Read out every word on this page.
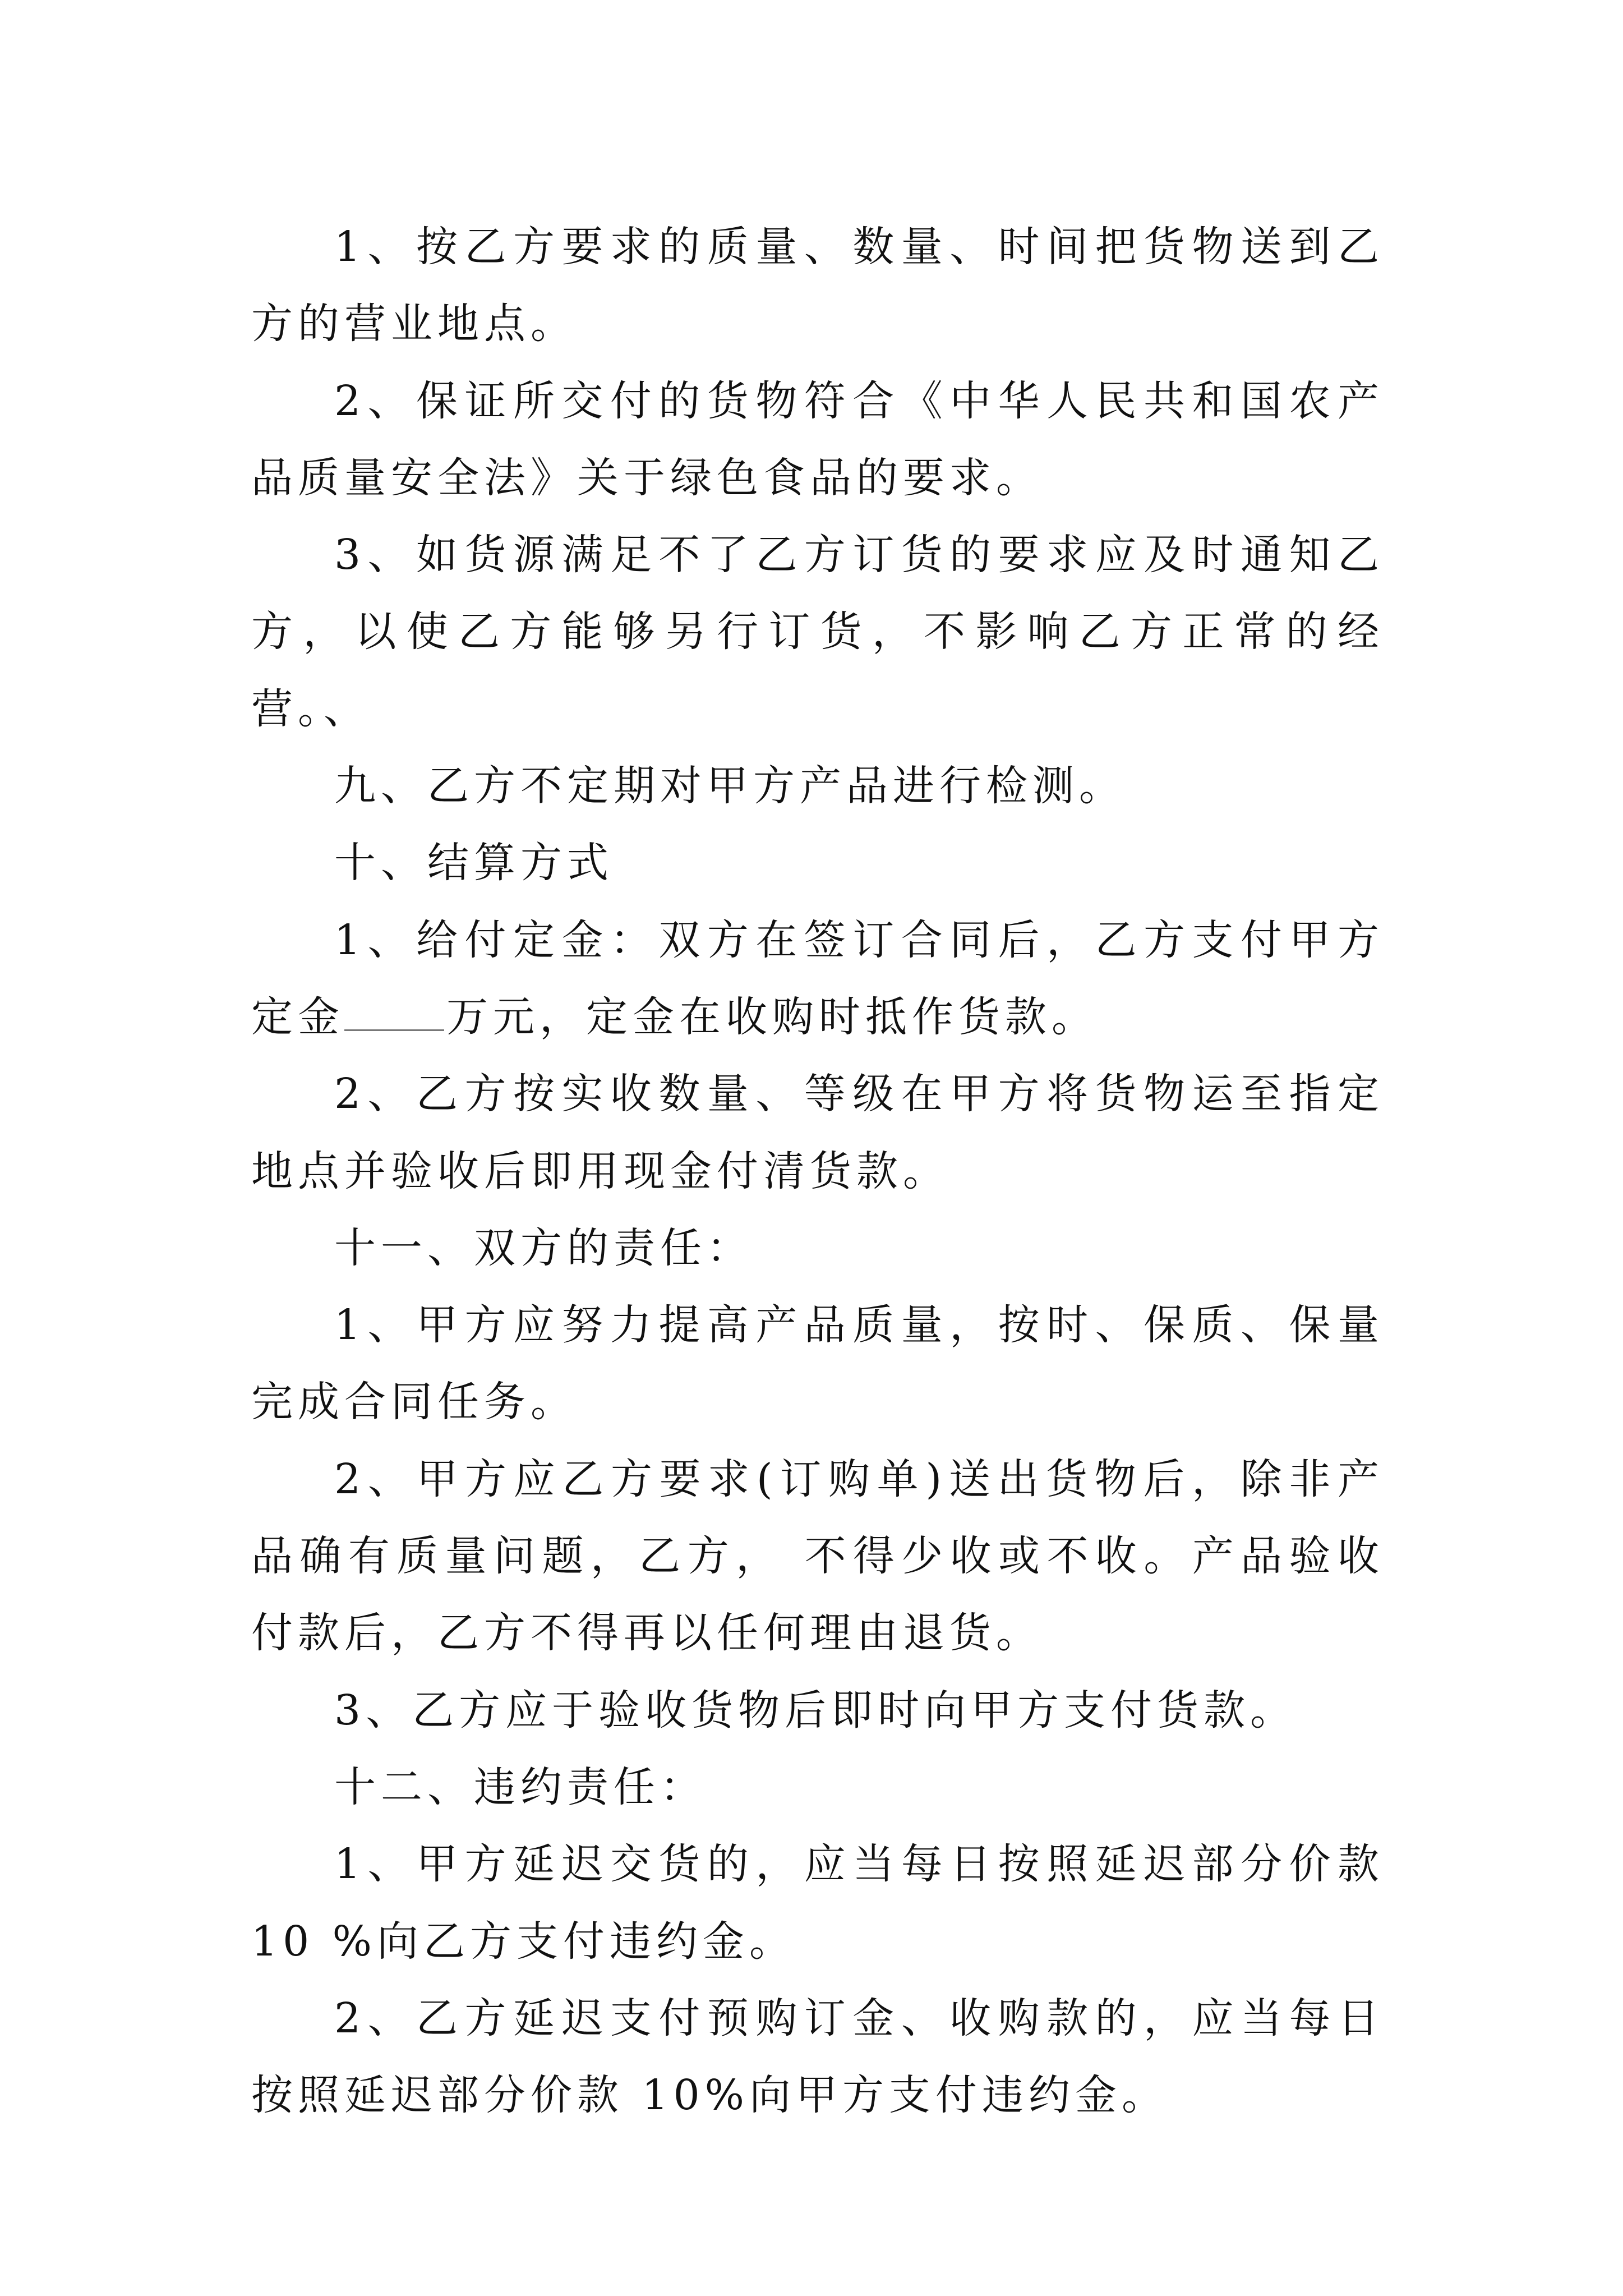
1、按乙方要求的质量、数量、时间把货物送到乙方的营业地点。

2、保证所交付的货物符合《中华人民共和国农产品质量安全法》关于绿色食品的要求。

3、如货源满足不了乙方订货的要求应及时通知乙方，以使乙方能够另行订货，不影响乙方正常的经营。、

九、乙方不定期对甲方产品进行检测。

十、结算方式

1、给付定金：双方在签订合同后，乙方支付甲方定金 万元，定金在收购时抵作货款。

2、乙方按实收数量、等级在甲方将货物运至指定地点并验收后即用现金付清货款。

十一、双方的责任：

1、甲方应努力提高产品质量，按时、保质、保量完成合同任务。

2、甲方应乙方要求(订购单)送出货物后，除非产品确有质量问题，乙方， 不得少收或不收。产品验收付款后，乙方不得再以任何理由退货。

3、乙方应于验收货物后即时向甲方支付货款。

十二、违约责任：

1、甲方延迟交货的，应当每日按照延迟部分价款 10 %向乙方支付违约金。

2、乙方延迟支付预购订金、收购款的，应当每日按照延迟部分价款 10%向甲方支付违约金。
